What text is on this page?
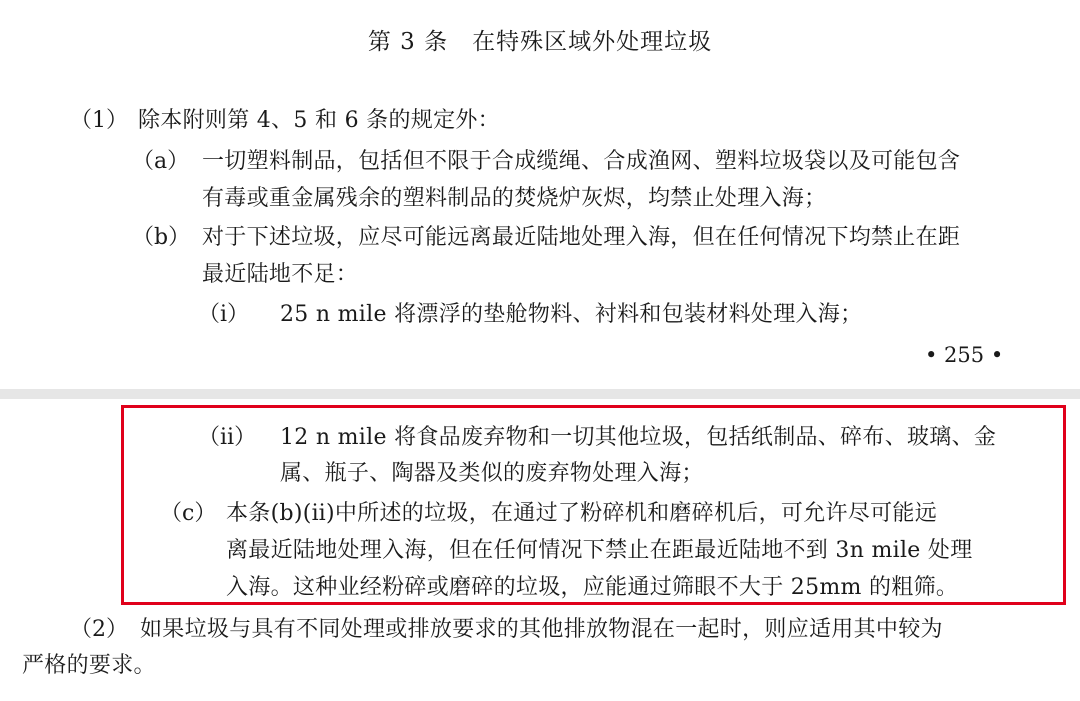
第 3 条 在特殊区域外处理垃圾
（1） 除本附则第 4、5 和 6 条的规定外：
（a） 一切塑料制品，包括但不限于合成缆绳、合成渔网、塑料垃圾袋以及可能包含
有毒或重金属残余的塑料制品的焚烧炉灰烬，均禁止处理入海；
（b） 对于下述垃圾，应尽可能远离最近陆地处理入海，但在任何情况下均禁止在距
最近陆地不足：
（ⅰ） 25 n mile 将漂浮的垫舱物料、衬料和包装材料处理入海；
• 255 •
（ⅱ） 12 n mile 将食品废弃物和一切其他垃圾，包括纸制品、碎布、玻璃、金
属、瓶子、陶器及类似的废弃物处理入海；
（c） 本条(b)(ⅱ)中所述的垃圾，在通过了粉碎机和磨碎机后，可允许尽可能远
离最近陆地处理入海，但在任何情况下禁止在距最近陆地不到 3n mile 处理
入海。这种业经粉碎或磨碎的垃圾，应能通过筛眼不大于 25mm 的粗筛。
（2） 如果垃圾与具有不同处理或排放要求的其他排放物混在一起时，则应适用其中较为
严格的要求。
